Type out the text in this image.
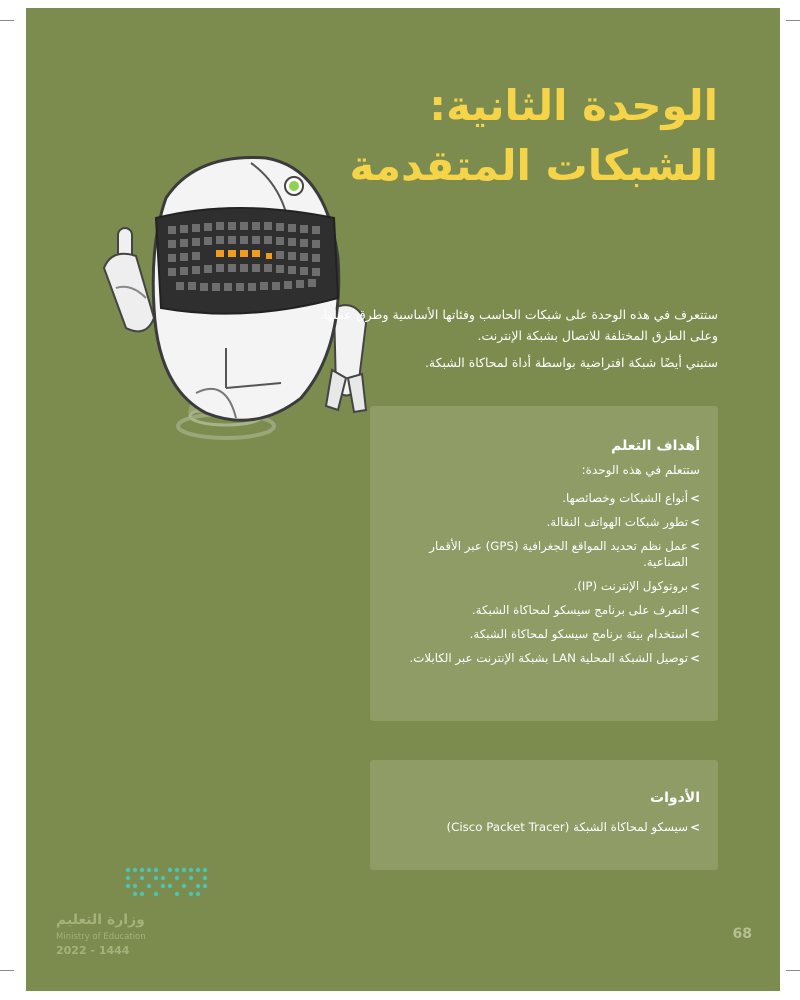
الوحدة الثانية:
الشبكات المتقدمة

ستتعرف في هذه الوحدة على شبكات الحاسب وفئاتها الأساسية وطرق عملها، وعلى الطرق المختلفة للاتصال بشبكة الإنترنت.

ستبني أيضًا شبكة افتراضية بواسطة أداة لمحاكاة الشبكة.

أهداف التعلم
ستتعلم في هذه الوحدة:
> أنواع الشبكات وخصائصها.
> تطور شبكات الهواتف النقالة.
> عمل نظم تحديد المواقع الجغرافية (GPS) عبر الأقمار الصناعية.
> بروتوكول الإنترنت (IP).
> التعرف على برنامج سيسكو لمحاكاة الشبكة.
> استخدام بيئة برنامج سيسكو لمحاكاة الشبكة.
> توصيل الشبكة المحلية LAN بشبكة الإنترنت عبر الكابلات.
الأدوات
> سيسكو لمحاكاة الشبكة (Cisco Packet Tracer)
وزارة التعليم
Ministry of Education
2022 - 1444
68
